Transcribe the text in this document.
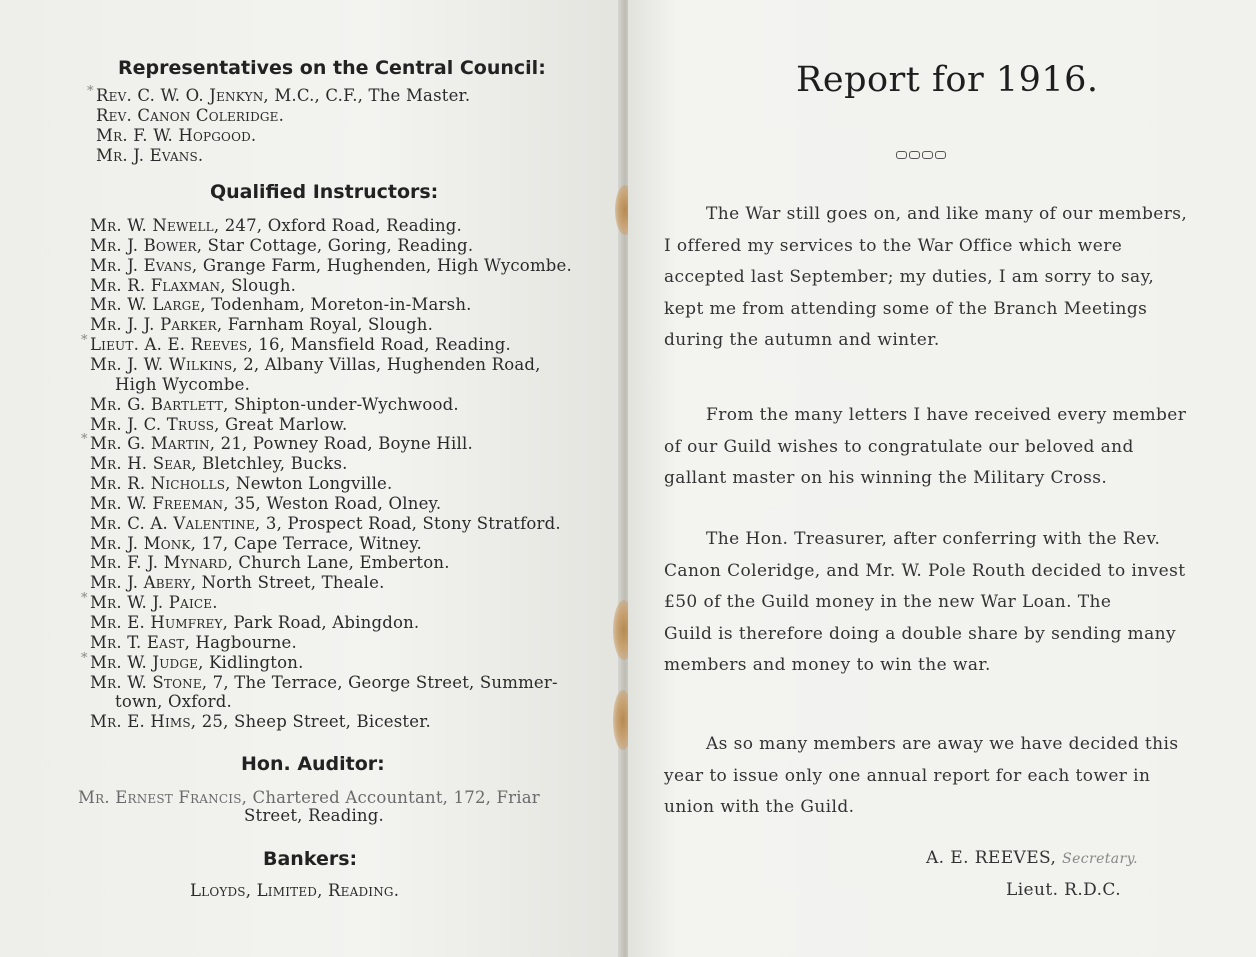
Representatives on the Central Council:
* Rev. C. W. O. Jenkyn, M.C., C.F., The Master.
Rev. Canon Coleridge.
Mr. F. W. Hopgood.
Mr. J. Evans.
Qualified Instructors:
Mr. W. Newell, 247, Oxford Road, Reading.
Mr. J. Bower, Star Cottage, Goring, Reading.
Mr. J. Evans, Grange Farm, Hughenden, High Wycombe.
Mr. R. Flaxman, Slough.
Mr. W. Large, Todenham, Moreton-in-Marsh.
Mr. J. J. Parker, Farnham Royal, Slough.
* Lieut. A. E. Reeves, 16, Mansfield Road, Reading.
Mr. J. W. Wilkins, 2, Albany Villas, Hughenden Road,
High Wycombe.
Mr. G. Bartlett, Shipton-under-Wychwood.
Mr. J. C. Truss, Great Marlow.
* Mr. G. Martin, 21, Powney Road, Boyne Hill.
Mr. H. Sear, Bletchley, Bucks.
Mr. R. Nicholls, Newton Longville.
Mr. W. Freeman, 35, Weston Road, Olney.
Mr. C. A. Valentine, 3, Prospect Road, Stony Stratford.
Mr. J. Monk, 17, Cape Terrace, Witney.
Mr. F. J. Mynard, Church Lane, Emberton.
Mr. J. Abery, North Street, Theale.
* Mr. W. J. Paice.
Mr. E. Humfrey, Park Road, Abingdon.
Mr. T. East, Hagbourne.
* Mr. W. Judge, Kidlington.
Mr. W. Stone, 7, The Terrace, George Street, Summer-
town, Oxford.
Mr. E. Hims, 25, Sheep Street, Bicester.
Hon. Auditor:
Mr. Ernest Francis, Chartered Accountant, 172, Friar
Street, Reading.
Bankers:
Lloyds, Limited, Reading.
Report for 1916.
The War still goes on, and like many of our members,
I offered my services to the War Office which were
accepted last September; my duties, I am sorry to say,
kept me from attending some of the Branch Meetings
during the autumn and winter.
From the many letters I have received every member
of our Guild wishes to congratulate our beloved and
gallant master on his winning the Military Cross.
The Hon. Treasurer, after conferring with the Rev.
Canon Coleridge, and Mr. W. Pole Routh decided to invest
£50 of the Guild money in the new War Loan. The
Guild is therefore doing a double share by sending many
members and money to win the war.
As so many members are away we have decided this
year to issue only one annual report for each tower in
union with the Guild.
A. E. REEVES, Secretary.
Lieut. R.D.C.
